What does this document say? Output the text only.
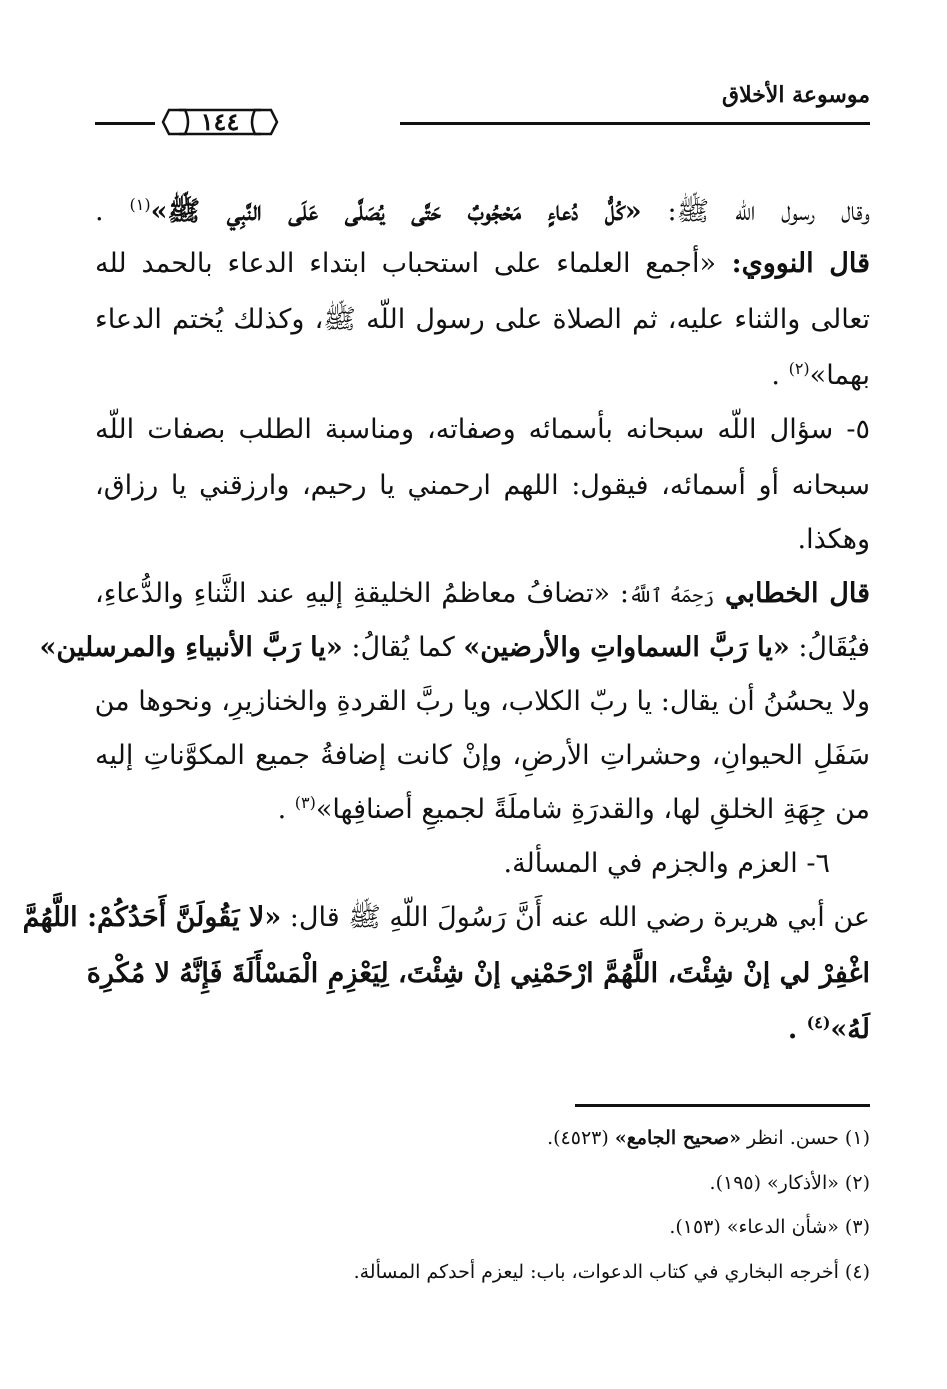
موسوعة الأخلاق
١٤٤
وقال رسول اللّه ﷺ: «كُلُّ دُعاءٍ مَحْجُوبٌ حَتَّى يُصَلَّى عَلَى النَّبِي ﷺ»$^{(١)}$ .
قال النووي: «أجمع العلماء على استحباب ابتداء الدعاء بالحمد لله
تعالى والثناء عليه، ثم الصلاة على رسول اللّه ﷺ، وكذلك يُختم الدعاء
بهما»$^{(٢)}$ .
٥- سؤال اللّه سبحانه بأسمائه وصفاته، ومناسبة الطلب بصفات اللّه
سبحانه أو أسمائه، فيقول: اللهم ارحمني يا رحيم، وارزقني يا رزاق،
وهكذا.
قال الخطابي رَحِمَهُ ٱللَّهُ: «تضافُ معاظمُ الخليقةِ إليهِ عند الثَّناءِ والدُّعاءِ،
فيُقَالُ: «يا رَبَّ السماواتِ والأرضين» كما يُقالُ: «يا رَبَّ الأنبياءِ والمرسلين»
ولا يحسُنُ أن يقال: يا ربّ الكلاب، ويا ربَّ القردةِ والخنازيرِ، ونحوها من
سَفَلِ الحيوانِ، وحشراتِ الأرضِ، وإنْ كانت إضافةُ جميع المكوَّناتِ إليه
من جِهَةِ الخلقِ لها، والقدرَةِ شاملَةً لجميعِ أصنافِها»$^{(٣)}$ .
٦- العزم والجزم في المسألة.
عن أبي هريرة رضي الله عنه أَنَّ رَسُولَ اللّهِ ﷺ قال: «لا يَقُولَنَّ أَحَدُكُمْ: اللَّهُمَّ
اغْفِرْ لي إنْ شِئْتَ، اللَّهُمَّ ارْحَمْنِي إنْ شِئْتَ، لِيَعْزِمِ الْمَسْأَلَةَ فَإِنَّهُ لا مُكْرِهَ
لَهُ»$^{(٤)}$ .
(١) حسن. انظر «صحيح الجامع» (٤٥٢٣).
(٢) «الأذكار» (١٩٥).
(٣) «شأن الدعاء» (١٥٣).
(٤) أخرجه البخاري في كتاب الدعوات، باب: ليعزم أحدكم المسألة.
